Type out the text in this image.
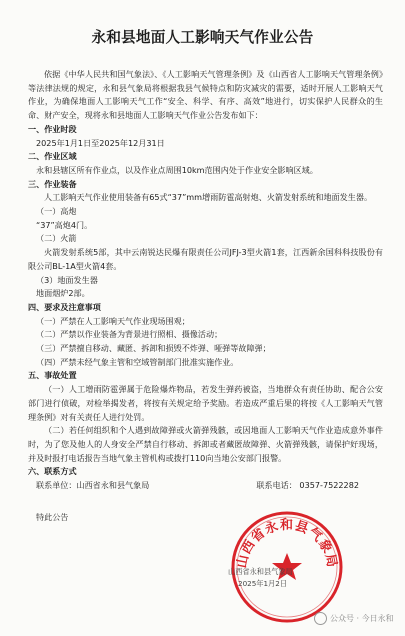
永和县地面人工影响天气作业公告

依据《中华人民共和国气象法》、《人工影响天气管理条例》及《山西省人工影响天气管理条例》等法律法规的规定，永和县气象局将根据我县气候特点和防灾减灾的需要，适时开展人工影响天气作业，为确保地面人工影响天气工作“安全、科学、有序、高效”地进行，切实保护人民群众的生命、财产安全，现将永和县地面人工影响天气作业公告发布如下：

一、作业时段

2025年1月1日至2025年12月31日

二、作业区域

永和县辖区所有作业点，以及作业点周围10km范围内处于作业安全影响区域。

三、作业装备

人工影响天气作业使用装备有65式“37”mm增雨防雹高射炮、火箭发射系统和地面发生器。

（一）高炮

“37”高炮4门。

（二）火箭

火箭发射系统5部，其中云南锐达民爆有限责任公司JFJ-3型火箭1套，江西新余国科科技股份有限公司BL-1A型火箭4套。

（3）地面发生器

地面烟炉2部。

四、要求及注意事项

（一）严禁在人工影响天气作业现场围观；

（二）严禁以作业装备为背景进行照相、摄像活动；

（三）严禁擅自移动、藏匿、拆卸和损毁不炸弹、哑弹等故障弹；

（四）严禁未经气象主管和空域管制部门批准实施作业。

五、事故处置

（一）人工增雨防雹弹属于危险爆炸物品，若发生弹药被盗，当地群众有责任协助、配合公安部门进行侦破，对检举揭发者，将按有关规定给予奖励。若造成严重后果的将按《人工影响天气管理条例》对有关责任人进行处罚。

（二）若任何组织和个人遇到故障弹或火箭弹残骸，或因地面人工影响天气作业造成意外事件时，为了您及他人的人身安全严禁自行移动、拆卸或者藏匿故障弹、火箭弹残骸，请保护好现场，并及时报打电话报告当地气象主管机构或拨打110向当地公安部门报警。

六、联系方式

联系单位：山西省永和县气象局	联系电话： 0357-7522282

特此公告

山西省永和县气象局
山西省永和县气象局
2025年1月2日
公众号 · 今日永和
